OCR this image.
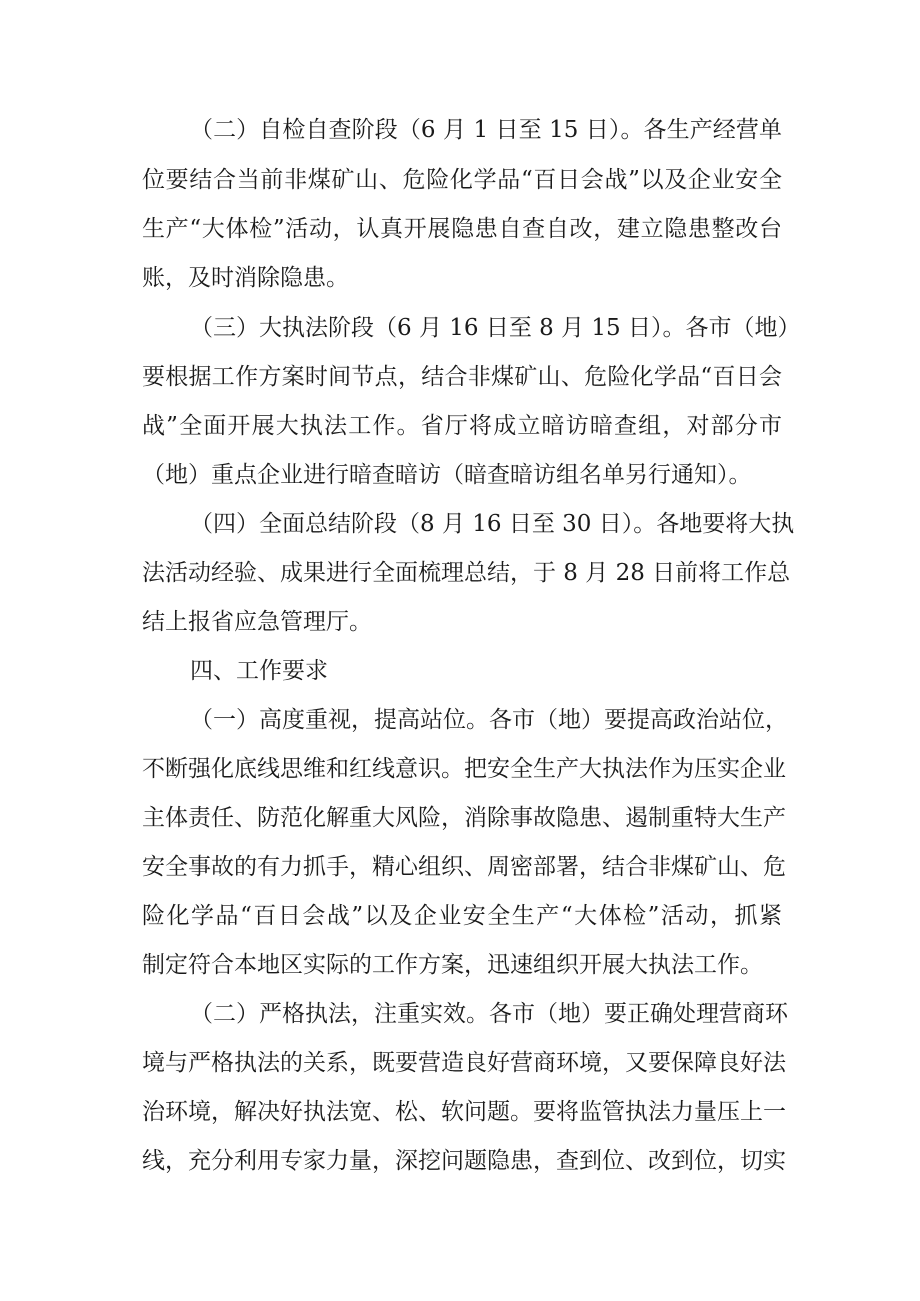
（二）自检自查阶段（6 月 1 日至 15 日）。各生产经营单
位要结合当前非煤矿山、危险化学品“百日会战”以及企业安全
生产“大体检”活动，认真开展隐患自查自改，建立隐患整改台
账，及时消除隐患。
（三）大执法阶段（6 月 16 日至 8 月 15 日）。各市（地）
要根据工作方案时间节点，结合非煤矿山、危险化学品“百日会
战”全面开展大执法工作。省厅将成立暗访暗查组，对部分市
（地）重点企业进行暗查暗访（暗查暗访组名单另行通知）。
（四）全面总结阶段（8 月 16 日至 30 日）。各地要将大执
法活动经验、成果进行全面梳理总结，于 8 月 28 日前将工作总
结上报省应急管理厅。
四、工作要求
（一）高度重视，提高站位。各市（地）要提高政治站位，
不断强化底线思维和红线意识。把安全生产大执法作为压实企业
主体责任、防范化解重大风险，消除事故隐患、遏制重特大生产
安全事故的有力抓手，精心组织、周密部署，结合非煤矿山、危
险化学品“百日会战”以及企业安全生产“大体检”活动，抓紧
制定符合本地区实际的工作方案，迅速组织开展大执法工作。
（二）严格执法，注重实效。各市（地）要正确处理营商环
境与严格执法的关系，既要营造良好营商环境，又要保障良好法
治环境，解决好执法宽、松、软问题。要将监管执法力量压上一
线，充分利用专家力量，深挖问题隐患，查到位、改到位，切实
